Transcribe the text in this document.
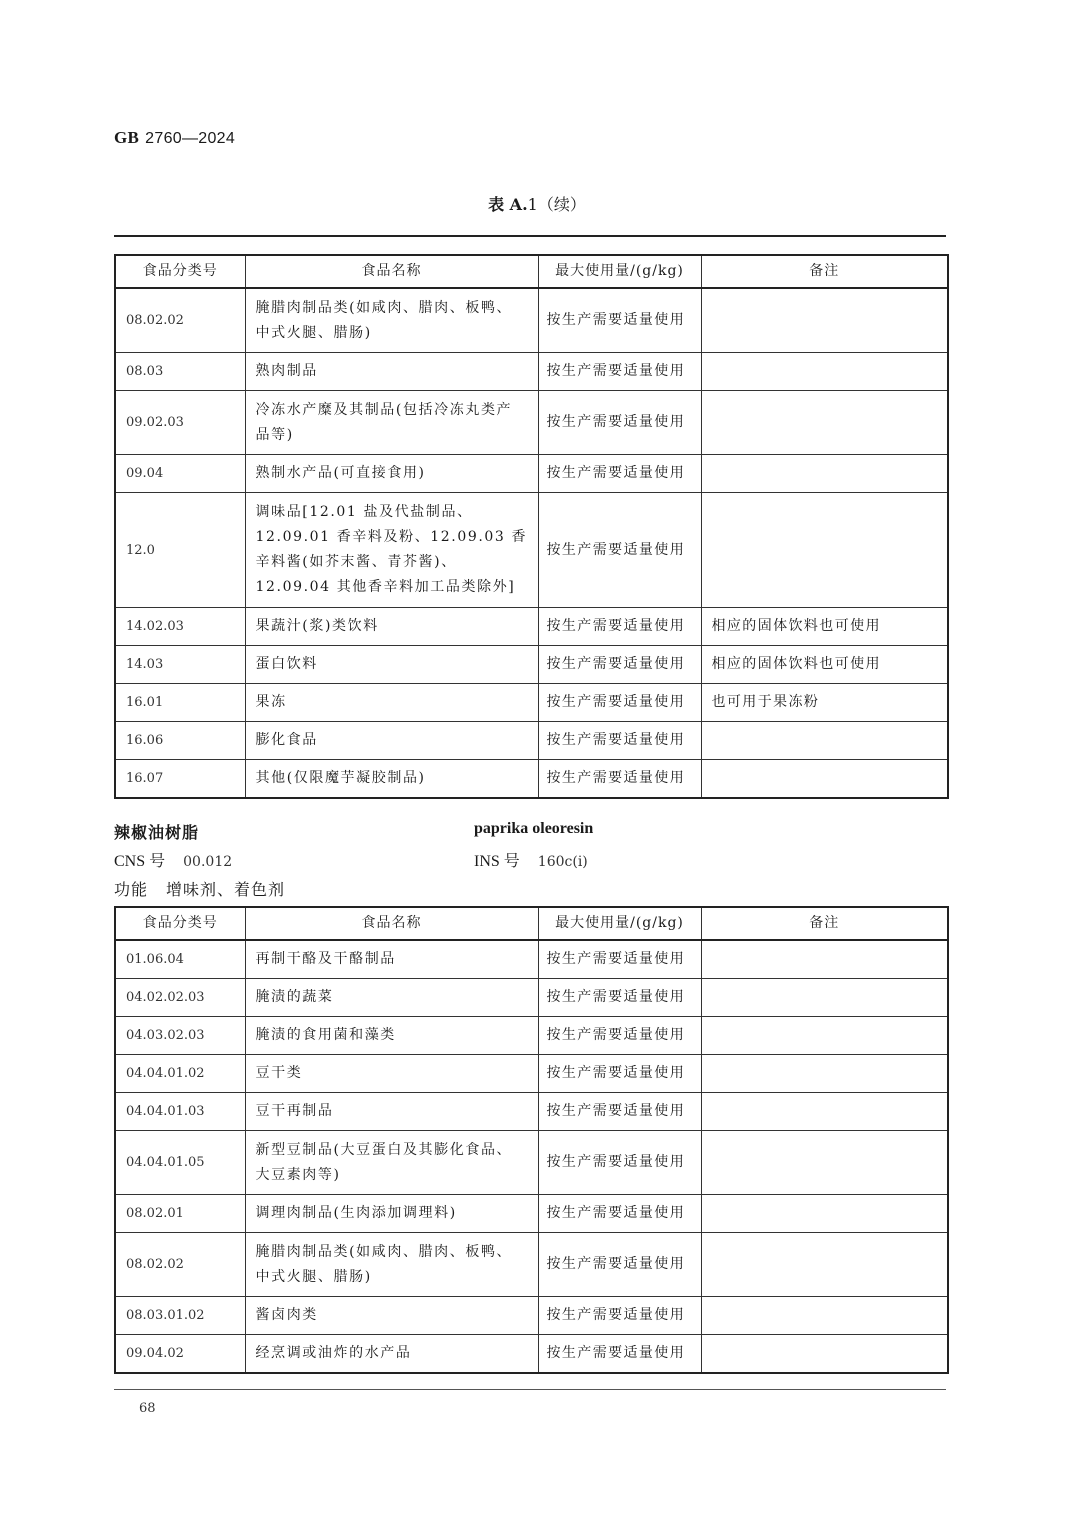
GB 2760—2024
表 A.1（续）
食品分类号	食品名称	最大使用量/(g/kg)	备注
08.02.02	腌腊肉制品类(如咸肉、腊肉、板鸭、中式火腿、腊肠)	按生产需要适量使用	
08.03	熟肉制品	按生产需要适量使用	
09.02.03	冷冻水产糜及其制品(包括冷冻丸类产品等)	按生产需要适量使用	
09.04	熟制水产品(可直接食用)	按生产需要适量使用	
12.0	调味品[12.01 盐及代盐制品、12.09.01 香辛料及粉、12.09.03 香辛料酱(如芥末酱、青芥酱)、12.09.04 其他香辛料加工品类除外]	按生产需要适量使用	
14.02.03	果蔬汁(浆)类饮料	按生产需要适量使用	相应的固体饮料也可使用
14.03	蛋白饮料	按生产需要适量使用	相应的固体饮料也可使用
16.01	果冻	按生产需要适量使用	也可用于果冻粉
16.06	膨化食品	按生产需要适量使用	
16.07	其他(仅限魔芋凝胶制品)	按生产需要适量使用	
辣椒油树脂	paprika oleoresin
CNS 号 00.012	INS 号 160c(i)
功能 增味剂、着色剂
食品分类号	食品名称	最大使用量/(g/kg)	备注
01.06.04	再制干酪及干酪制品	按生产需要适量使用	
04.02.02.03	腌渍的蔬菜	按生产需要适量使用	
04.03.02.03	腌渍的食用菌和藻类	按生产需要适量使用	
04.04.01.02	豆干类	按生产需要适量使用	
04.04.01.03	豆干再制品	按生产需要适量使用	
04.04.01.05	新型豆制品(大豆蛋白及其膨化食品、大豆素肉等)	按生产需要适量使用	
08.02.01	调理肉制品(生肉添加调理料)	按生产需要适量使用	
08.02.02	腌腊肉制品类(如咸肉、腊肉、板鸭、中式火腿、腊肠)	按生产需要适量使用	
08.03.01.02	酱卤肉类	按生产需要适量使用	
09.04.02	经烹调或油炸的水产品	按生产需要适量使用	
68
